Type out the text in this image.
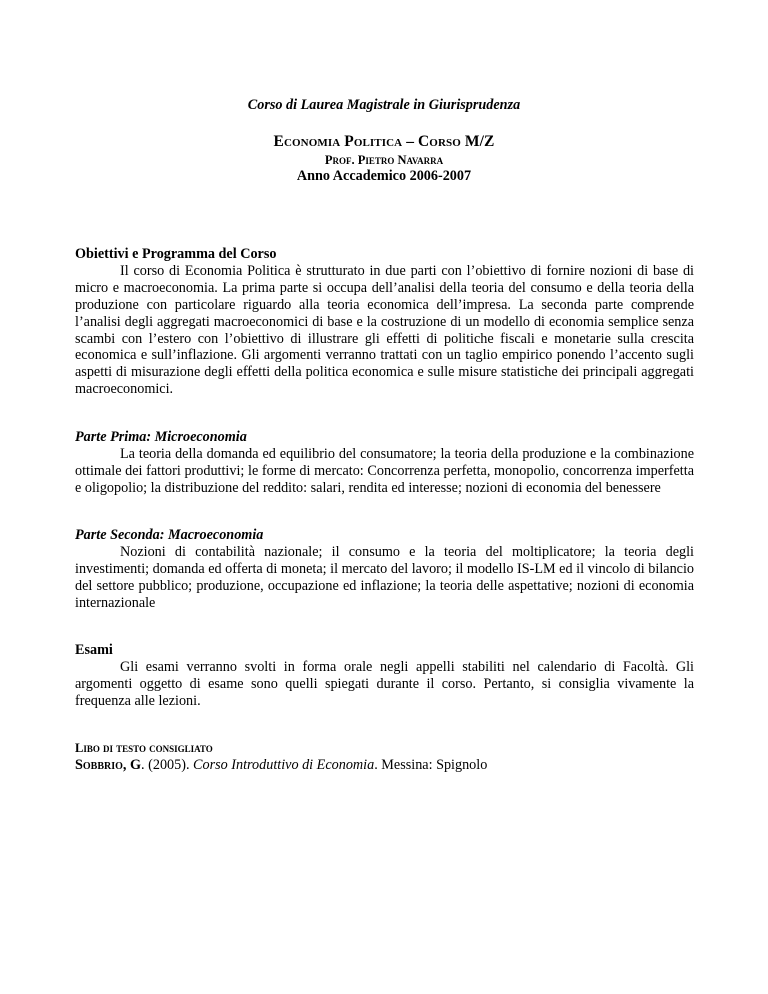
Corso di Laurea Magistrale in Giurisprudenza
Economia Politica – Corso M/Z
Prof. Pietro Navarra
Anno Accademico 2006-2007

Obiettivi e Programma del Corso

Il corso di Economia Politica è strutturato in due parti con l’obiettivo di fornire nozioni di base di micro e macroeconomia. La prima parte si occupa dell’analisi della teoria del consumo e della teoria della produzione con particolare riguardo alla teoria economica dell’impresa. La seconda parte comprende l’analisi degli aggregati macroeconomici di base e la costruzione di un modello di economia semplice senza scambi con l’estero con l’obiettivo di illustrare gli effetti di politiche fiscali e monetarie sulla crescita economica e sull’inflazione. Gli argomenti verranno trattati con un taglio empirico ponendo l’accento sugli aspetti di misurazione degli effetti della politica economica e sulle misure statistiche dei principali aggregati macroeconomici.

Parte Prima: Microeconomia

La teoria della domanda ed equilibrio del consumatore; la teoria della produzione e la combinazione ottimale dei fattori produttivi; le forme di mercato: Concorrenza perfetta, monopolio, concorrenza imperfetta e oligopolio; la distribuzione del reddito: salari, rendita ed interesse; nozioni di economia del benessere

Parte Seconda: Macroeconomia

Nozioni di contabilità nazionale; il consumo e la teoria del moltiplicatore; la teoria degli investimenti; domanda ed offerta di moneta; il mercato del lavoro; il modello IS-LM ed il vincolo di bilancio del settore pubblico; produzione, occupazione ed inflazione; la teoria delle aspettative; nozioni di economia internazionale

Esami

Gli esami verranno svolti in forma orale negli appelli stabiliti nel calendario di Facoltà. Gli argomenti oggetto di esame sono quelli spiegati durante il corso. Pertanto, si consiglia vivamente la frequenza alle lezioni.

Libo di testo consigliato

Sobbrio, G. (2005). Corso Introduttivo di Economia. Messina: Spignolo
